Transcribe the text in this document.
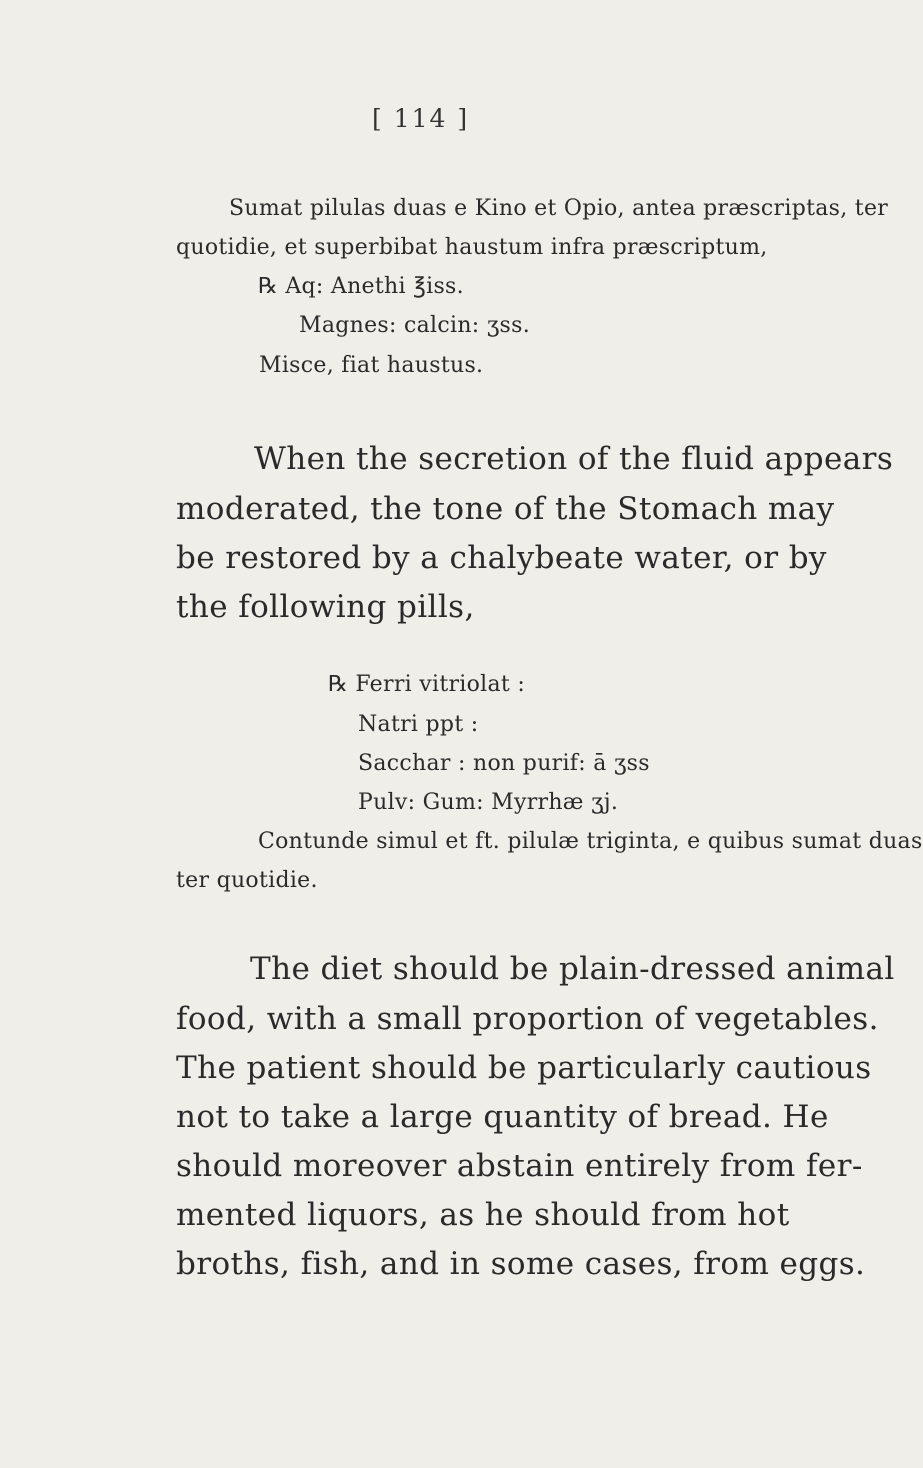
[ 114 ]
Sumat pilulas duas e Kino et Opio, antea præscriptas, ter
quotidie, et superbibat haustum infra præscriptum,
℞ Aq: Anethi ℥iss.
Magnes: calcin: ʒss.
Misce, fiat haustus.
When the secretion of the fluid appears
moderated, the tone of the Stomach may
be restored by a chalybeate water, or by
the following pills,
℞ Ferri vitriolat :
Natri ppt :
Sacchar : non purif: ā ʒss
Pulv: Gum: Myrrhæ ʒj.
Contunde simul et ft. pilulæ triginta, e quibus sumat duas
ter quotidie.
The diet should be plain-dressed animal
food, with a small proportion of vegetables.
The patient should be particularly cautious
not to take a large quantity of bread. He
should moreover abstain entirely from fer-
mented liquors, as he should from hot
broths, fish, and in some cases, from eggs.
